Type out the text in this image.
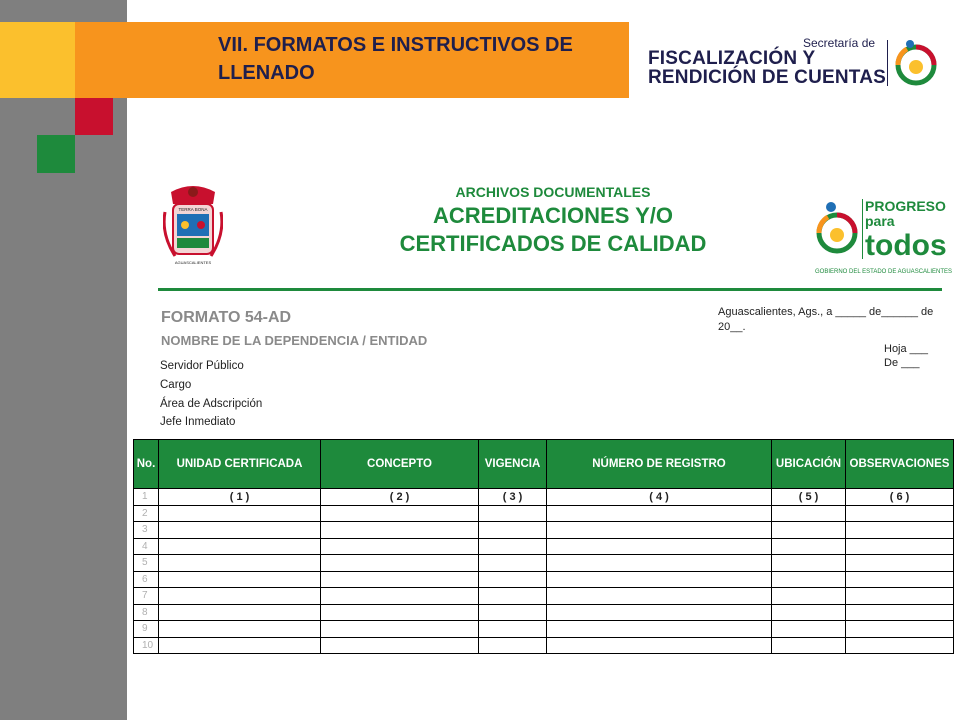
VII. FORMATOS E INSTRUCTIVOS DE LLENADO
Secretaría de
FISCALIZACIÓN Y
RENDICIÓN DE CUENTAS
TERRA BONA
AGUASCALIENTES
ARCHIVOS DOCUMENTALES
ACREDITACIONES Y/O
CERTIFICADOS DE CALIDAD
PROGRESO
para
todos
GOBIERNO DEL ESTADO DE AGUASCALIENTES
FORMATO 54-AD
NOMBRE DE LA DEPENDENCIA / ENTIDAD
Servidor Público
Cargo
Área de Adscripción
Jefe Inmediato
Aguascalientes, Ags., a _____ de______ de
20__.
Hoja ___
De ___
No.	UNIDAD CERTIFICADA	CONCEPTO	VIGENCIA	NÚMERO DE REGISTRO	UBICACIÓN	OBSERVACIONES
1	( 1 )	( 2 )	( 3 )	( 4 )	( 5 )	( 6 )
2						
3						
4						
5						
6						
7						
8						
9						
10						
